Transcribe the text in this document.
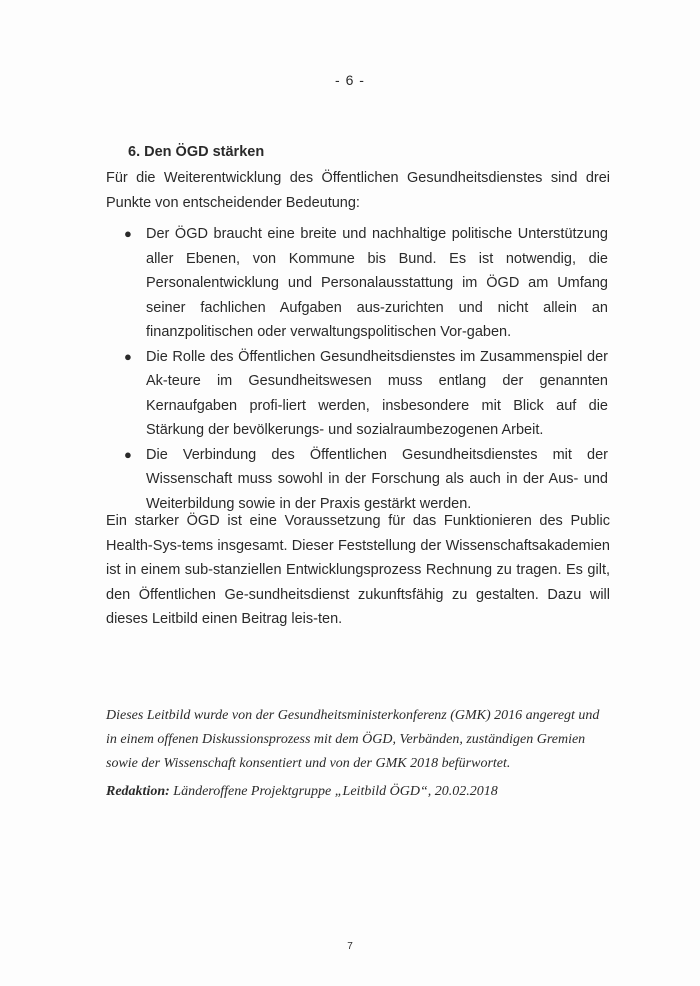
- 6 -
6. Den ÖGD stärken

Für die Weiterentwicklung des Öffentlichen Gesundheitsdienstes sind drei Punkte von entscheidender Bedeutung:

● Der ÖGD braucht eine breite und nachhaltige politische Unterstützung aller Ebenen, von Kommune bis Bund. Es ist notwendig, die Personalentwicklung und Personalausstattung im ÖGD am Umfang seiner fachlichen Aufgaben aus-zurichten und nicht allein an finanzpolitischen oder verwaltungspolitischen Vor-gaben.
● Die Rolle des Öffentlichen Gesundheitsdienstes im Zusammenspiel der Ak-teure im Gesundheitswesen muss entlang der genannten Kernaufgaben profi-liert werden, insbesondere mit Blick auf die Stärkung der bevölkerungs- und sozialraumbezogenen Arbeit.
● Die Verbindung des Öffentlichen Gesundheitsdienstes mit der Wissenschaft muss sowohl in der Forschung als auch in der Aus- und Weiterbildung sowie in der Praxis gestärkt werden.

Ein starker ÖGD ist eine Voraussetzung für das Funktionieren des Public Health-Sys-tems insgesamt. Dieser Feststellung der Wissenschaftsakademien ist in einem sub-stanziellen Entwicklungsprozess Rechnung zu tragen. Es gilt, den Öffentlichen Ge-sundheitsdienst zukunftsfähig zu gestalten. Dazu will dieses Leitbild einen Beitrag leis-ten.

Dieses Leitbild wurde von der Gesundheitsministerkonferenz (GMK) 2016 angeregt und in einem offenen Diskussionsprozess mit dem ÖGD, Verbänden, zuständigen Gremien sowie der Wissenschaft konsentiert und von der GMK 2018 befürwortet.

Redaktion: Länderoffene Projektgruppe „Leitbild ÖGD“, 20.02.2018

7
